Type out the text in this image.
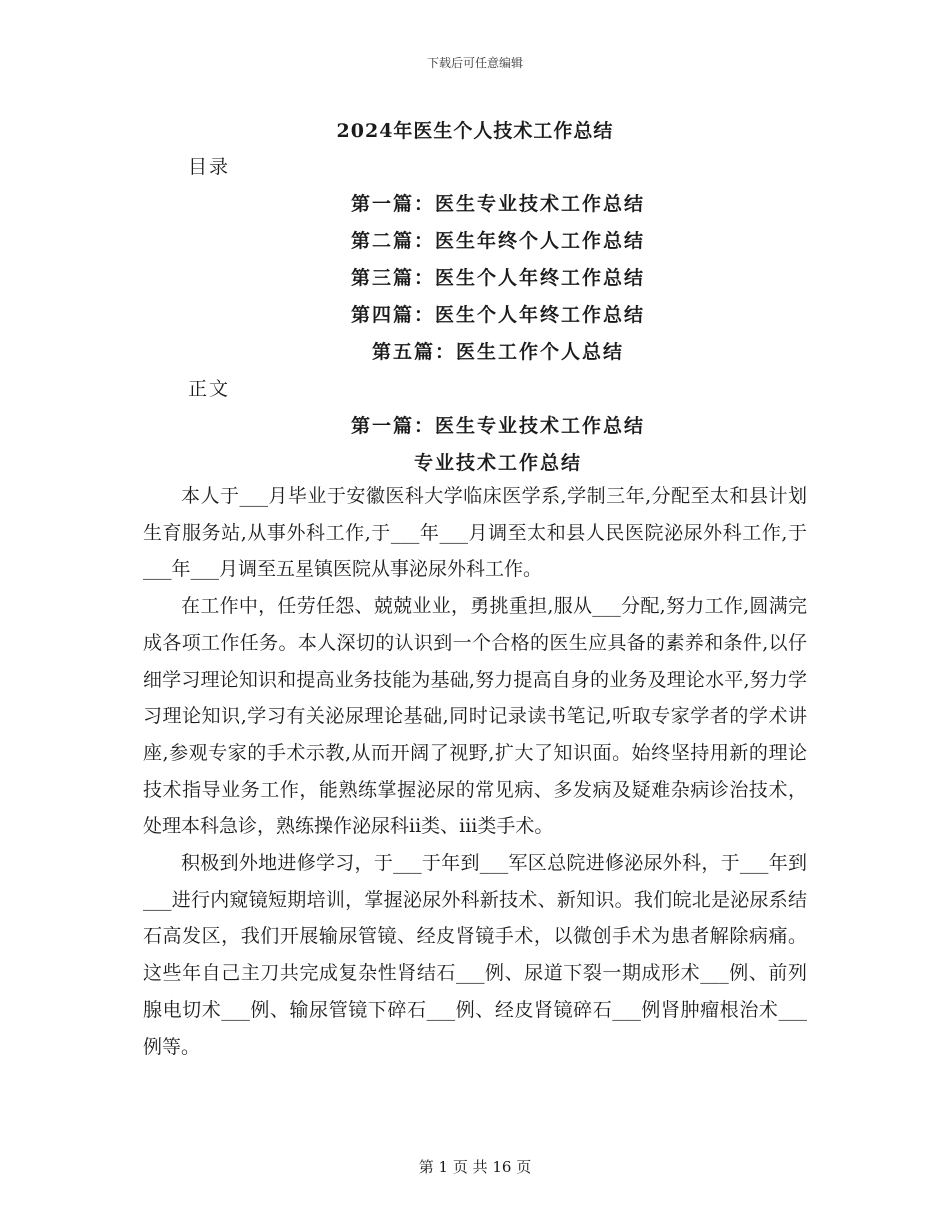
下载后可任意编辑
2024年医生个人技术工作总结
目录
第一篇：医生专业技术工作总结
第二篇：医生年终个人工作总结
第三篇：医生个人年终工作总结
第四篇：医生个人年终工作总结
第五篇：医生工作个人总结
正文
第一篇：医生专业技术工作总结
专业技术工作总结

本人于___月毕业于安徽医科大学临床医学系,学制三年,分配至太和县计划生育服务站,从事外科工作,于___年___月调至太和县人民医院泌尿外科工作,于___年___月调至五星镇医院从事泌尿外科工作。

在工作中，任劳任怨、兢兢业业，勇挑重担,服从___分配,努力工作,圆满完成各项工作任务。本人深切的认识到一个合格的医生应具备的素养和条件,以仔细学习理论知识和提高业务技能为基础,努力提高自身的业务及理论水平,努力学习理论知识,学习有关泌尿理论基础,同时记录读书笔记,听取专家学者的学术讲座,参观专家的手术示教,从而开阔了视野,扩大了知识面。始终坚持用新的理论技术指导业务工作，能熟练掌握泌尿的常见病、多发病及疑难杂病诊治技术，处理本科急诊，熟练操作泌尿科ii类、iii类手术。

积极到外地进修学习，于___于年到___军区总院进修泌尿外科，于___年到___进行内窥镜短期培训，掌握泌尿外科新技术、新知识。我们皖北是泌尿系结石高发区，我们开展输尿管镜、经皮肾镜手术，以微创手术为患者解除病痛。这些年自己主刀共完成复杂性肾结石___例、尿道下裂一期成形术___例、前列腺电切术___例、输尿管镜下碎石___例、经皮肾镜碎石___例肾肿瘤根治术___例等。

第 1 页 共 16 页
